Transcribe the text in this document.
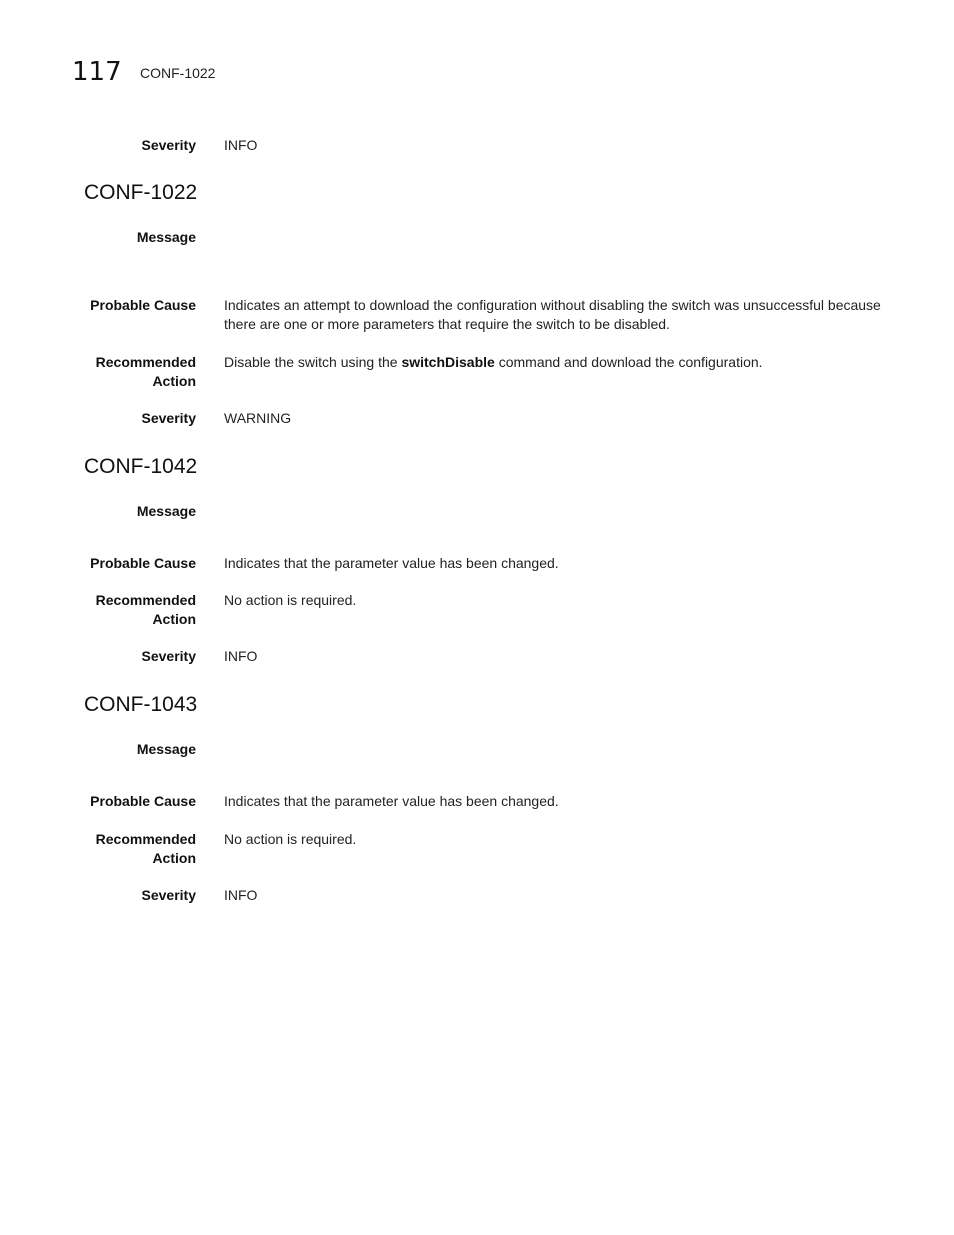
117 CONF-1022
Severity INFO
CONF-1022
Message
Probable Cause Indicates an attempt to download the configuration without disabling the switch was unsuccessful because there are one or more parameters that require the switch to be disabled.
Recommended
Action
Disable the switch using the switchDisable command and download the configuration.
Severity WARNING
CONF-1042
Message
Probable Cause Indicates that the parameter value has been changed.
Recommended
Action
No action is required.
Severity INFO
CONF-1043
Message
Probable Cause Indicates that the parameter value has been changed.
Recommended
Action
No action is required.
Severity INFO
